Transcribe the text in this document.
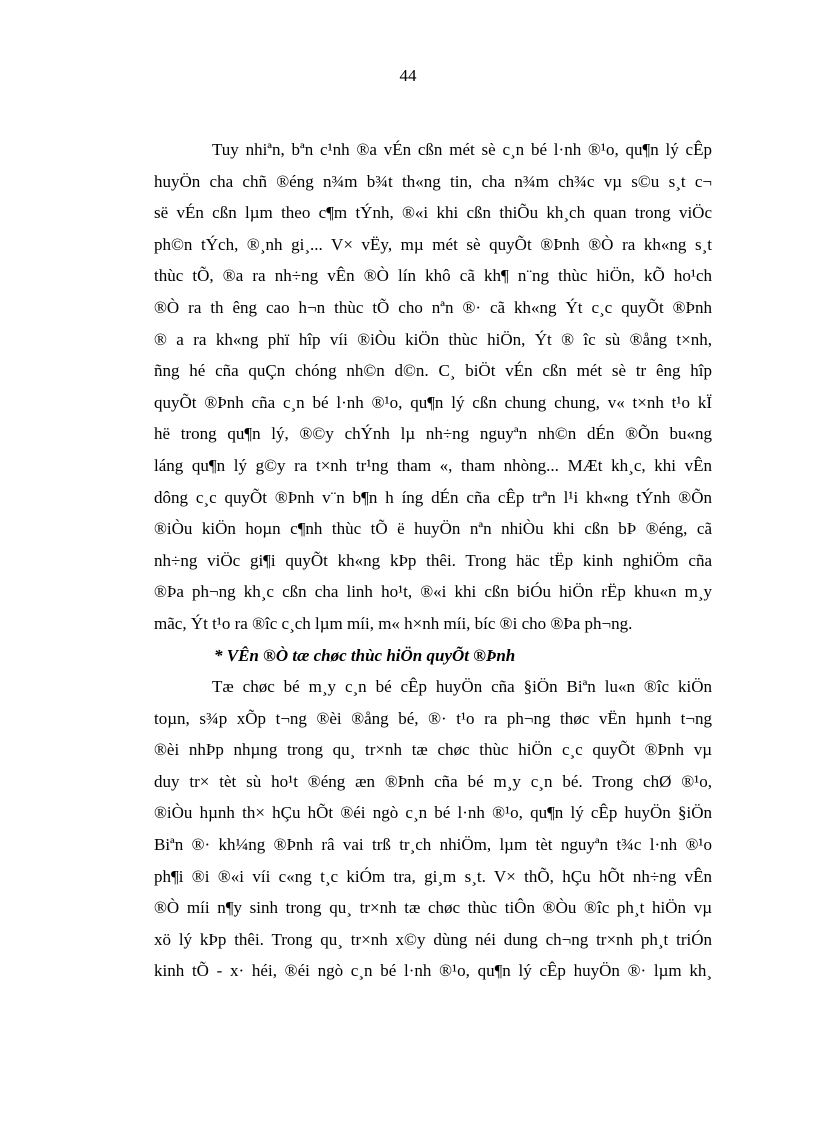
44
Tuy nhiªn, bªn c¹nh ®a vÉn cßn mét sè c¸n bé l·nh ®¹o, qu¶n lý cÊp
huyÖn cha chñ ®éng n¾m b¾t th«ng tin, cha n¾m ch¾c vµ s©u s¸t c¬
së vÉn cßn lµm theo c¶m tÝnh, ®«i khi cßn thiÕu kh¸ch quan trong viÖc
ph©n tÝch, ®¸nh gi¸... V× vËy, mµ mét sè quyÕt ®Þnh ®Ò ra kh«ng s¸t
thùc tÕ, ®a ra nh÷ng vÊn ®Ò lín khô cã kh¶ n¨ng thùc hiÖn, kÕ ho¹ch
®Ò ra th êng cao h¬n thùc tÕ cho nªn ®· cã kh«ng Ýt c¸c quyÕt ®Þnh
® a ra kh«ng phï hîp víi ®iÒu kiÖn thùc hiÖn, Ýt ® îc sù ®ång t×nh,
ñng hé cña quÇn chóng nh©n d©n. C¸ biÖt vÉn cßn mét sè tr êng hîp
quyÕt ®Þnh cña c¸n bé l·nh ®¹o, qu¶n lý cßn chung chung, v« t×nh t¹o kÏ
hë trong qu¶n lý, ®©y chÝnh lµ nh÷ng nguyªn nh©n dÉn ®Õn bu«ng
láng qu¶n lý g©y ra t×nh tr¹ng tham «, tham nhòng... MÆt kh¸c, khi vÊn
dông c¸c quyÕt ®Þnh v¨n b¶n h íng dÉn cña cÊp trªn l¹i kh«ng tÝnh ®Õn
®iÒu kiÖn hoµn c¶nh thùc tÕ ë huyÖn nªn nhiÒu khi cßn bÞ ®éng, cã
nh÷ng viÖc gi¶i quyÕt kh«ng kÞp thêi. Trong häc tËp kinh nghiÖm cña
®Þa ph¬ng kh¸c cßn cha linh ho¹t, ®«i khi cßn biÓu hiÖn rËp khu«n m¸y
mãc, Ýt t¹o ra ®îc c¸ch lµm míi, m« h×nh míi, bíc ®i cho ®Þa ph¬ng.
* VÊn ®Ò tæ chøc thùc hiÖn quyÕt ®Þnh
Tæ chøc bé m¸y c¸n bé cÊp huyÖn cña §iÖn Biªn lu«n ®îc kiÖn
toµn, s¾p xÕp t¬ng ®èi ®ång bé, ®· t¹o ra ph¬ng thøc vËn hµnh t¬ng
®èi nhÞp nhµng trong qu¸ tr×nh tæ chøc thùc hiÖn c¸c quyÕt ®Þnh vµ
duy tr× tèt sù ho¹t ®éng æn ®Þnh cña bé m¸y c¸n bé. Trong chØ ®¹o,
®iÒu hµnh th× hÇu hÕt ®éi ngò c¸n bé l·nh ®¹o, qu¶n lý cÊp huyÖn §iÖn
Biªn ®· kh¼ng ®Þnh râ vai trß tr¸ch nhiÖm, lµm tèt nguyªn t¾c l·nh ®¹o
ph¶i ®i ®«i víi c«ng t¸c kiÓm tra, gi¸m s¸t. V× thÕ, hÇu hÕt nh÷ng vÊn
®Ò míi n¶y sinh trong qu¸ tr×nh tæ chøc thùc tiÔn ®Òu ®îc ph¸t hiÖn vµ
xö lý kÞp thêi. Trong qu¸ tr×nh x©y dùng néi dung ch¬ng tr×nh ph¸t triÓn
kinh tÕ - x· héi, ®éi ngò c¸n bé l·nh ®¹o, qu¶n lý cÊp huyÖn ®· lµm kh¸
